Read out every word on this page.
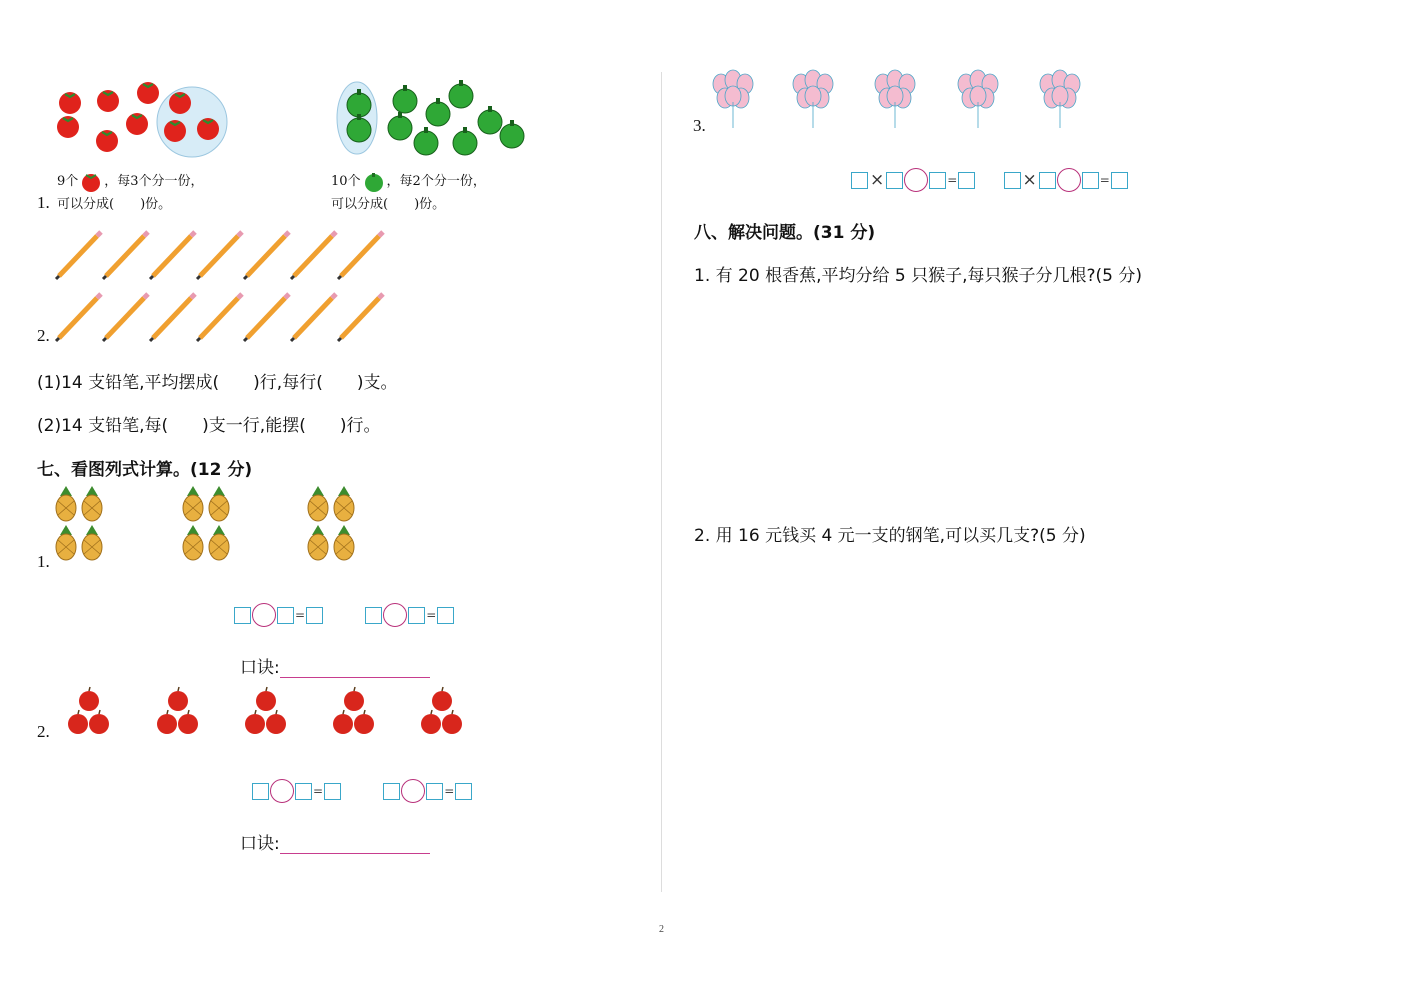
9个 ，每3个分一份，
1. 可以分成(　　)份。
10个 ，每2个分一份，
可以分成(　　)份。
2.
(1)14 支铅笔,平均摆成(　　)行,每行(　　)支。
(2)14 支铅笔,每(　　)支一行,能摆(　　)行。
七、看图列式计算。(12 分)
1.
=	=
口诀:
2.
=	=
口诀:
3.
×	=	×	=
八、解决问题。(31 分)
1. 有 20 根香蕉,平均分给 5 只猴子,每只猴子分几根?(5 分)
2. 用 16 元钱买 4 元一支的钢笔,可以买几支?(5 分)
2
